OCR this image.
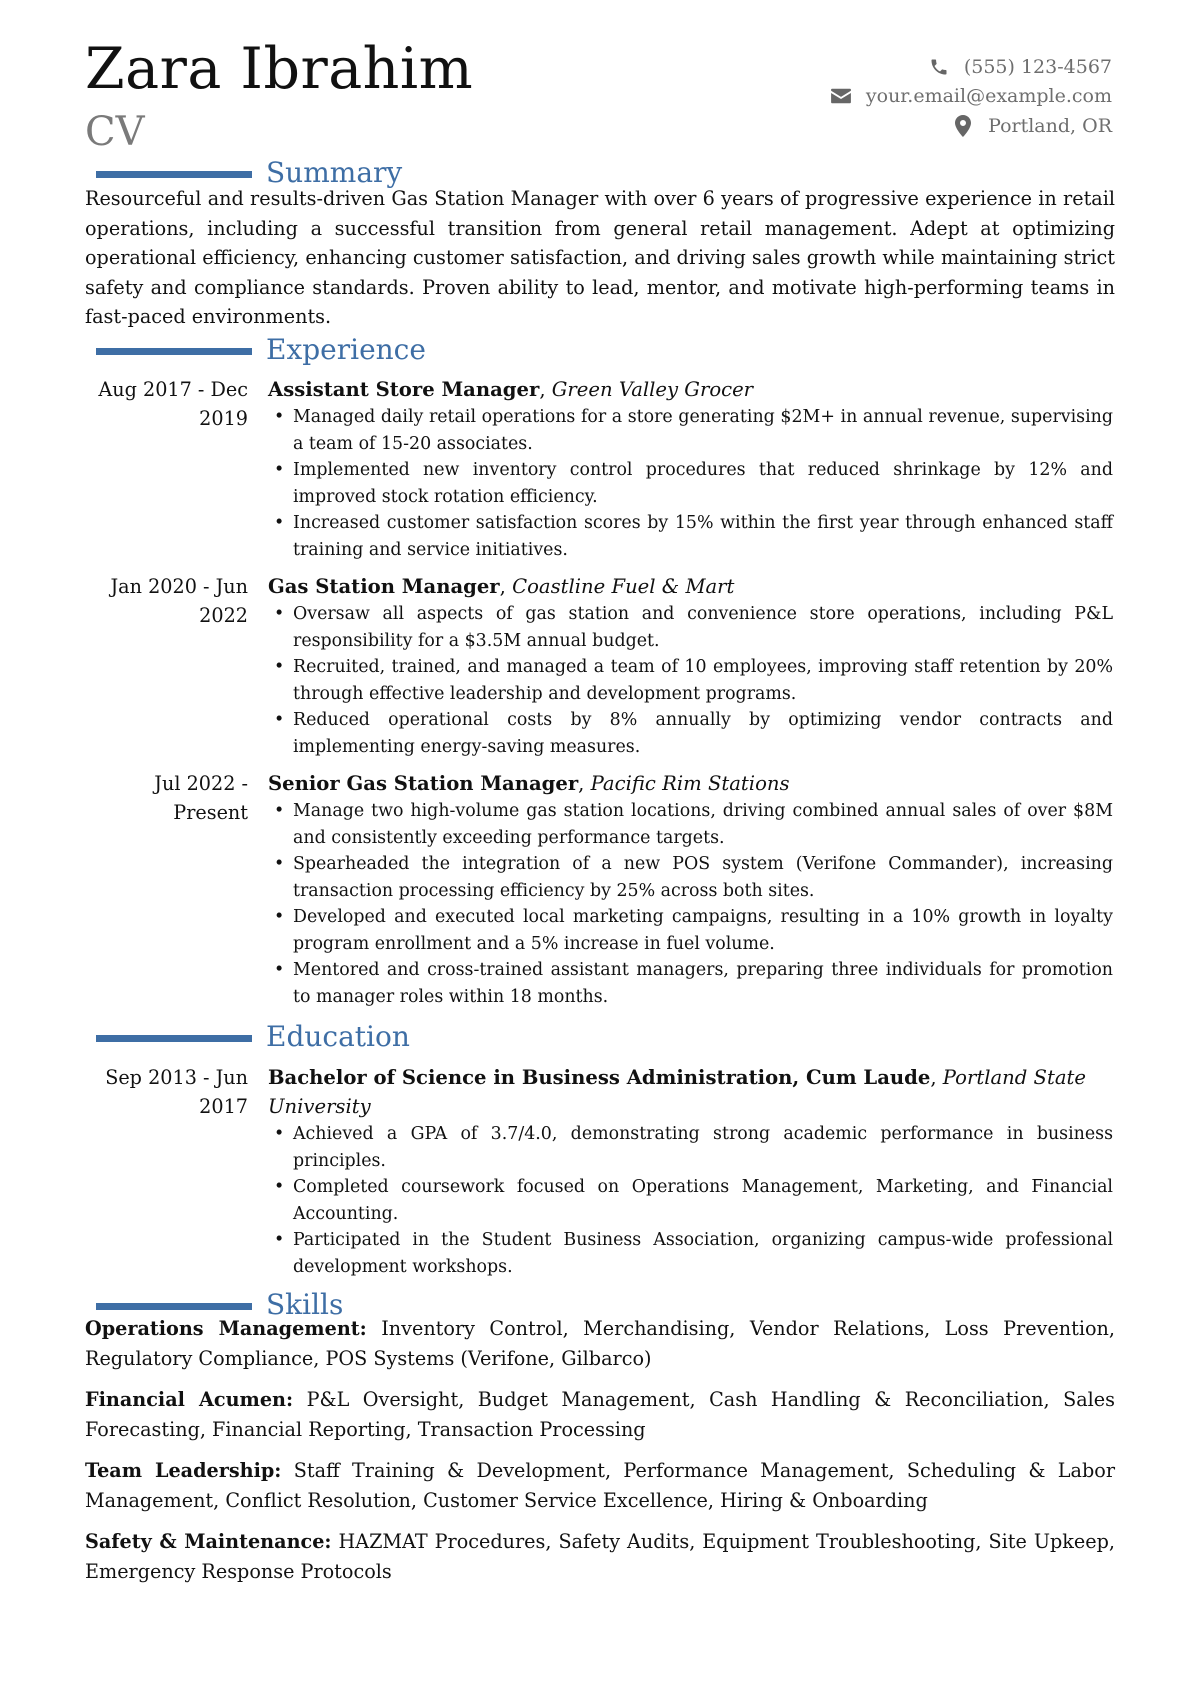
Zara Ibrahim
CV
(555) 123-4567
your.email@example.com
Portland, OR
Summary
Resourceful and results-driven Gas Station Manager with over 6 years of progressive experience in retail operations, including a successful transition from general retail management. Adept at optimizing operational efficiency, enhancing customer satisfaction, and driving sales growth while maintaining strict safety and compliance standards. Proven ability to lead, mentor, and motivate high-performing teams in fast-paced environments.
Experience
Aug 2017 - Dec 2019
Assistant Store Manager, Green Valley Grocer
• Managed daily retail operations for a store generating $2M+ in annual revenue, supervising a team of 15-20 associates.
• Implemented new inventory control procedures that reduced shrinkage by 12% and improved stock rotation efficiency.
• Increased customer satisfaction scores by 15% within the first year through enhanced staff training and service initiatives.
Jan 2020 - Jun 2022
Gas Station Manager, Coastline Fuel & Mart
• Oversaw all aspects of gas station and convenience store operations, including P&L responsibility for a $3.5M annual budget.
• Recruited, trained, and managed a team of 10 employees, improving staff retention by 20% through effective leadership and development programs.
• Reduced operational costs by 8% annually by optimizing vendor contracts and implementing energy-saving measures.
Jul 2022 - Present
Senior Gas Station Manager, Pacific Rim Stations
• Manage two high-volume gas station locations, driving combined annual sales of over $8M and consistently exceeding performance targets.
• Spearheaded the integration of a new POS system (Verifone Commander), increasing transaction processing efficiency by 25% across both sites.
• Developed and executed local marketing campaigns, resulting in a 10% growth in loyalty program enrollment and a 5% increase in fuel volume.
• Mentored and cross-trained assistant managers, preparing three individuals for promotion to manager roles within 18 months.
Education
Sep 2013 - Jun 2017
Bachelor of Science in Business Administration, Cum Laude, Portland State University
• Achieved a GPA of 3.7/4.0, demonstrating strong academic performance in business principles.
• Completed coursework focused on Operations Management, Marketing, and Financial Accounting.
• Participated in the Student Business Association, organizing campus-wide professional development workshops.
Skills
Operations Management: Inventory Control, Merchandising, Vendor Relations, Loss Prevention, Regulatory Compliance, POS Systems (Verifone, Gilbarco)
Financial Acumen: P&L Oversight, Budget Management, Cash Handling & Reconciliation, Sales Forecasting, Financial Reporting, Transaction Processing
Team Leadership: Staff Training & Development, Performance Management, Scheduling & Labor Management, Conflict Resolution, Customer Service Excellence, Hiring & Onboarding
Safety & Maintenance: HAZMAT Procedures, Safety Audits, Equipment Troubleshooting, Site Upkeep, Emergency Response Protocols
